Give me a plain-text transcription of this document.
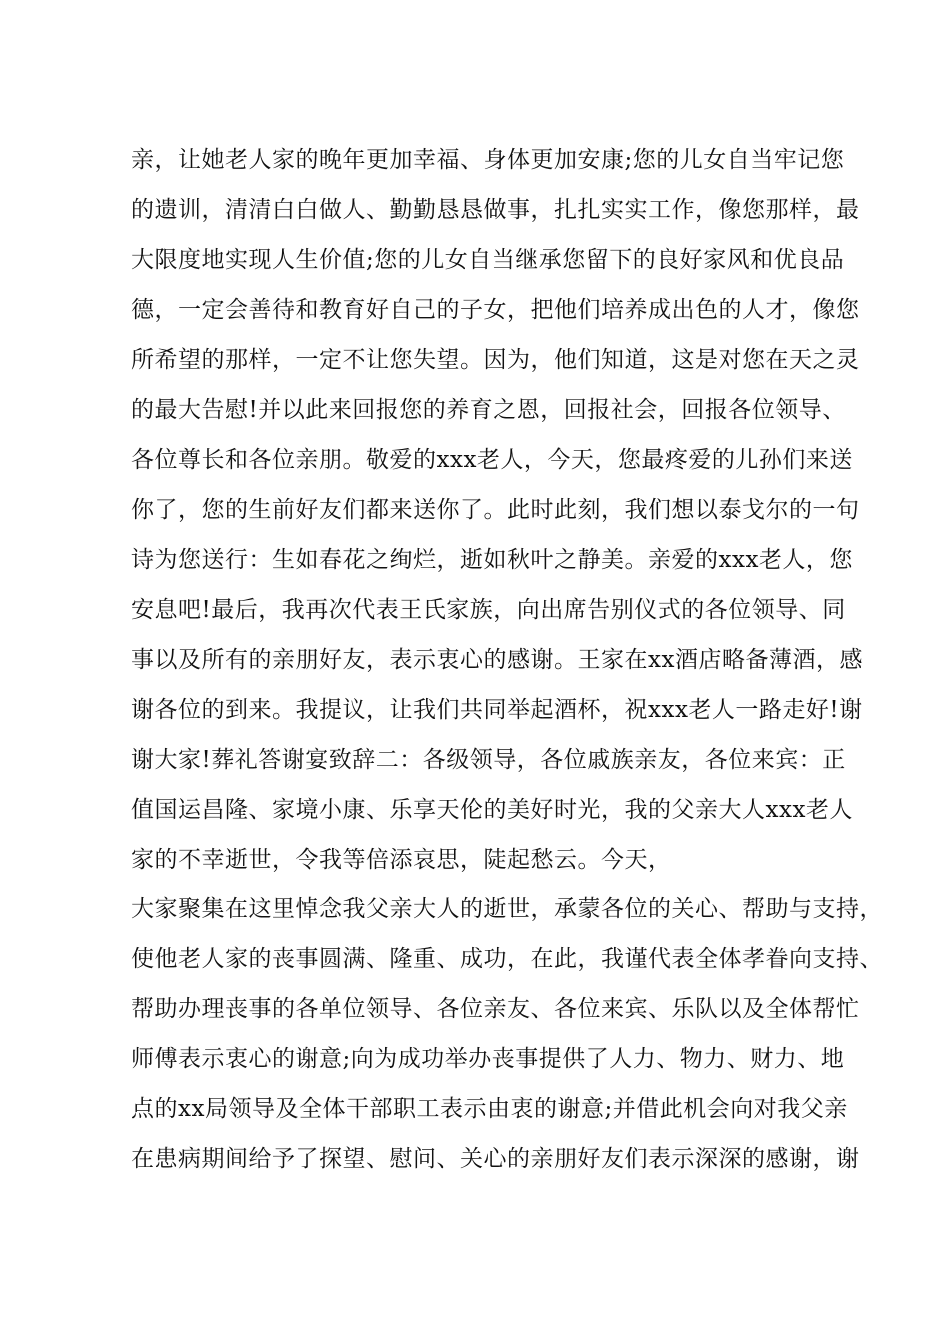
亲，让她老人家的晚年更加幸福、身体更加安康;您的儿女自当牢记您
的遗训，清清白白做人、勤勤恳恳做事，扎扎实实工作，像您那样，最
大限度地实现人生价值;您的儿女自当继承您留下的良好家风和优良品
德，一定会善待和教育好自己的子女，把他们培养成出色的人才，像您
所希望的那样，一定不让您失望。因为，他们知道，这是对您在天之灵
的最大告慰!并以此来回报您的养育之恩，回报社会，回报各位领导、
各位尊长和各位亲朋。敬爱的xxx老人，今天，您最疼爱的儿孙们来送
你了，您的生前好友们都来送你了。此时此刻，我们想以泰戈尔的一句
诗为您送行：生如春花之绚烂，逝如秋叶之静美。亲爱的xxx老人，您
安息吧!最后，我再次代表王氏家族，向出席告别仪式的各位领导、同
事以及所有的亲朋好友，表示衷心的感谢。王家在xx酒店略备薄酒，感
谢各位的到来。我提议，让我们共同举起酒杯，祝xxx老人一路走好!谢
谢大家!葬礼答谢宴致辞二：各级领导，各位戚族亲友，各位来宾：正
值国运昌隆、家境小康、乐享天伦的美好时光，我的父亲大人xxx老人
家的不幸逝世，令我等倍添哀思，陡起愁云。今天，
大家聚集在这里悼念我父亲大人的逝世，承蒙各位的关心、帮助与支持，
使他老人家的丧事圆满、隆重、成功，在此，我谨代表全体孝眷向支持、
帮助办理丧事的各单位领导、各位亲友、各位来宾、乐队以及全体帮忙
师傅表示衷心的谢意;向为成功举办丧事提供了人力、物力、财力、地
点的xx局领导及全体干部职工表示由衷的谢意;并借此机会向对我父亲
在患病期间给予了探望、慰问、关心的亲朋好友们表示深深的感谢，谢
